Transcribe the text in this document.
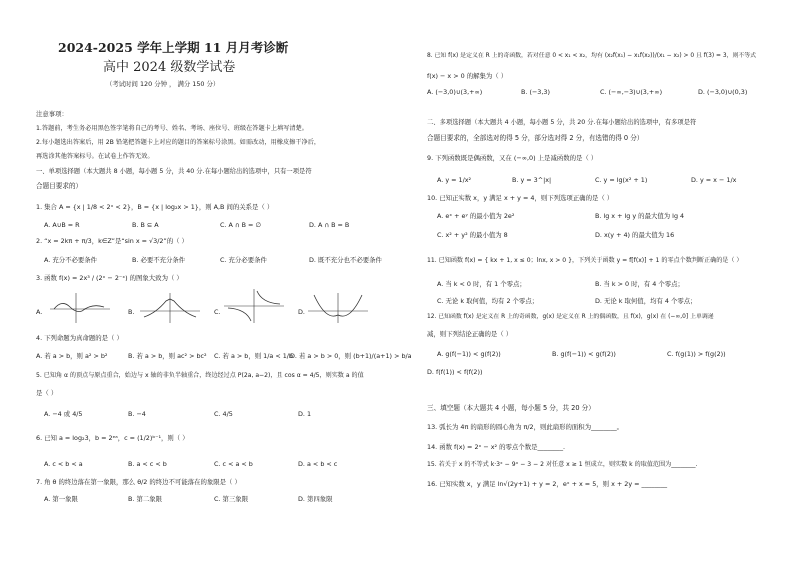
2024-2025 学年上学期 11 月月考诊断
高中 2024 级数学试卷
（考试时间 120 分钟 ， 满分 150 分）
注意事项：
1.答题前，考生务必用黑色签字笔将自己的考号、姓名、考场、座位号、班级在答题卡上填写清楚。
2.每小题选出答案后，用 2B 铅笔把答题卡上对应的题目的答案标号涂黑。如需改动，用橡皮擦干净后，
再选涂其他答案标号。在试卷上作答无效。
一、单项选择题（本大题共 8 小题，每小题 5 分，共 40 分.在每小题给出的选项中，只有一项是符
合题目要求的）
1. 集合 A = {x | 1/8 < 2ˣ < 2}，B = {x | log₂x > 1}，则 A,B 间的关系是（ ）
A. A∪B = R	B. B ⊆ A	C. A ∩ B = ∅	D. A ∩ B = B
2. “x = 2kπ + π/3，k∈Z”是“sin x = √3/2”的（ ）
A. 充分不必要条件	B. 必要不充分条件	C. 充分必要条件	D. 既不充分也不必要条件
3. 函数 f(x) = 2x³ / (2ˣ − 2⁻ˣ) 的图象大致为（ ）
A.	B.	C.	D.
4. 下列命题为真命题的是（ ）
A. 若 a > b，则 a² > b²	B. 若 a > b，则 ac² > bc² C. 若 a > b，则 1/a < 1/b
D. 若 a > b > 0，则 (b+1)/(a+1) > b/a
5. 已知角 α 的顶点与原点重合，始边与 x 轴的非负半轴重合，终边经过点 P(2a, a−2)，且 cos α = 4/5，则实数 a 的值
是（ ）
A. −4 或 4/5	B. −4	C. 4/5	D. 1
6. 已知 a = log₂3，b = 2ᵉᵃ，c = (1/2)ᵇ⁻¹，则（ ）
A. c < b < a	B. a < c < b	C. c < a < b	D. a < b < c
7. 角 θ 的终边落在第一象限，那么 θ/2 的终边不可能落在的象限是（ ）
A. 第一象限	B. 第二象限	C. 第三象限	D. 第四象限
8. 已知 f(x) 是定义在 R 上的奇函数，若对任意 0 < x₁ < x₂，均有 (x₂f(x₁) − x₁f(x₂))/(x₁ − x₂) > 0 且 f(3) = 3，则不等式
f(x) − x > 0 的解集为（ ）
A. (−3,0)∪(3,+∞)	B. (−3,3)	C. (−∞,−3)∪(3,+∞)	D. (−3,0)∪(0,3)
二、多项选择题（本大题共 4 小题，每小题 5 分，共 20 分.在每小题给出的选项中，有多项是符
合题目要求的，全部选对的得 5 分，部分选对得 2 分，有选错的得 0 分）
9. 下列函数既是偶函数，又在 (−∞,0) 上是减函数的是（ ）
A. y = 1/x²	B. y = 3^|x|	C. y = lg(x² + 1)	D. y = x − 1/x
10. 已知正实数 x，y 满足 x + y = 4，则下列选项正确的是（ ）
A. eˣ + eʸ 的最小值为 2e²	B. lg x + lg y 的最大值为 lg 4
C. x² + y² 的最小值为 8	D. x(y + 4) 的最大值为 16
11. 已知函数 f(x) = { kx + 1, x ≤ 0；lnx, x > 0 }，下列关于函数 y = f[f(x)] + 1 的零点个数判断正确的是（ ）
A. 当 k < 0 时，有 1 个零点；	B. 当 k > 0 时，有 4 个零点；
C. 无论 k 取何值，均有 2 个零点；	D. 无论 k 取何值，均有 4 个零点；
12. 已知函数 f(x) 是定义在 R 上的奇函数，g(x) 是定义在 R 上的偶函数，且 f(x)，g(x) 在 (−∞,0] 上单调递
减，则下列结论正确的是（ ）
A. g(f(−1)) < g(f(2))	B. g(f(−1)) < g(f(2))	C. f(g(1)) > f(g(2))
D. f(f(1)) < f(f(2))
三、填空题（本大题共 4 小题，每小题 5 分，共 20 分）
13. 弧长为 4π 的扇形的圆心角为 π/2，则此扇形的面积为________。
14. 函数 f(x) = 2ˣ − x² 的零点个数是________.
15. 若关于 x 的不等式 k·3ˣ − 9ˣ − 3 − 2 对任意 x ≥ 1 恒成立，则实数 k 的取值范围为________.
16. 已知实数 x，y 满足 ln√(2y+1) + y = 2，eˣ + x = 5，则 x + 2y = ________
